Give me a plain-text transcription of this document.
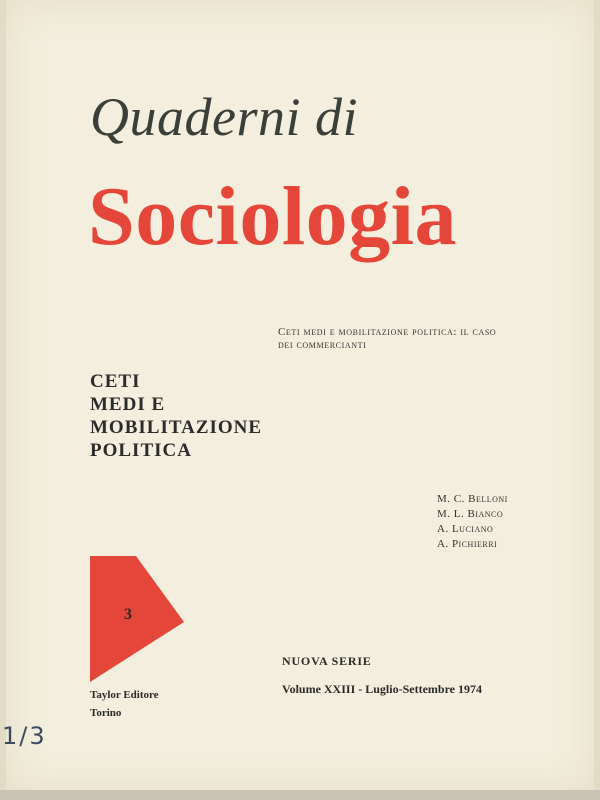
Quaderni di
Sociologia
Ceti medi e mobilitazione politica: il caso
dei commercianti
CETI
MEDI E
MOBILITAZIONE
POLITICA
M. C. Belloni
M. L. Bianco
A. Luciano
A. Pichierri
3
Taylor Editore
Torino
NUOVA SERIE
Volume XXIII - Luglio-Settembre 1974
1/3
